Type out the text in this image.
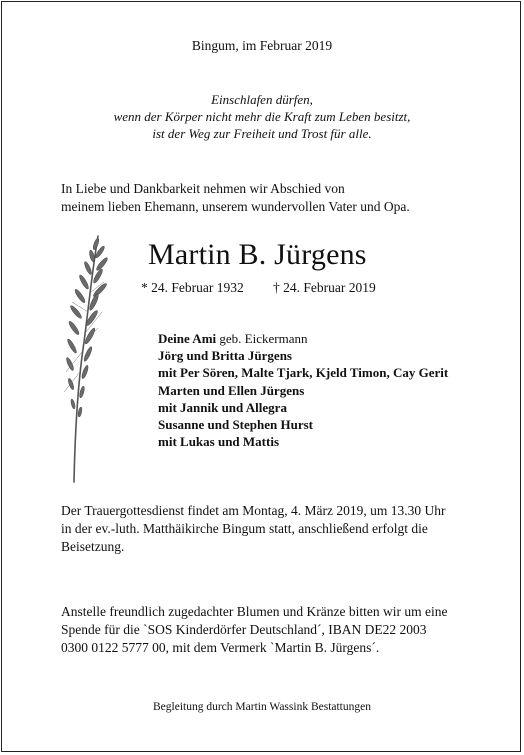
Bingum, im Februar 2019

Einschlafen dürfen,
wenn der Körper nicht mehr die Kraft zum Leben besitzt,
ist der Weg zur Freiheit und Trost für alle.
In Liebe und Dankbarkeit nehmen wir Abschied von
meinem lieben Ehemann, unserem wundervollen Vater und Opa.

Martin B. Jürgens

* 24. Februar 1932 † 24. Februar 2019

Deine Ami geb. Eickermann
Jörg und Britta Jürgens
mit Per Sören, Malte Tjark, Kjeld Timon, Cay Gerit
Marten und Ellen Jürgens
mit Jannik und Allegra
Susanne und Stephen Hurst
mit Lukas und Mattis
Der Trauergottesdienst findet am Montag, 4. März 2019, um 13.30 Uhr
in der ev.-luth. Matthäikirche Bingum statt, anschließend erfolgt die
Beisetzung.
Anstelle freundlich zugedachter Blumen und Kränze bitten wir um eine
Spende für die `SOS Kinderdörfer Deutschland´, IBAN DE22 2003
0300 0122 5777 00, mit dem Vermerk `Martin B. Jürgens´.

Begleitung durch Martin Wassink Bestattungen
